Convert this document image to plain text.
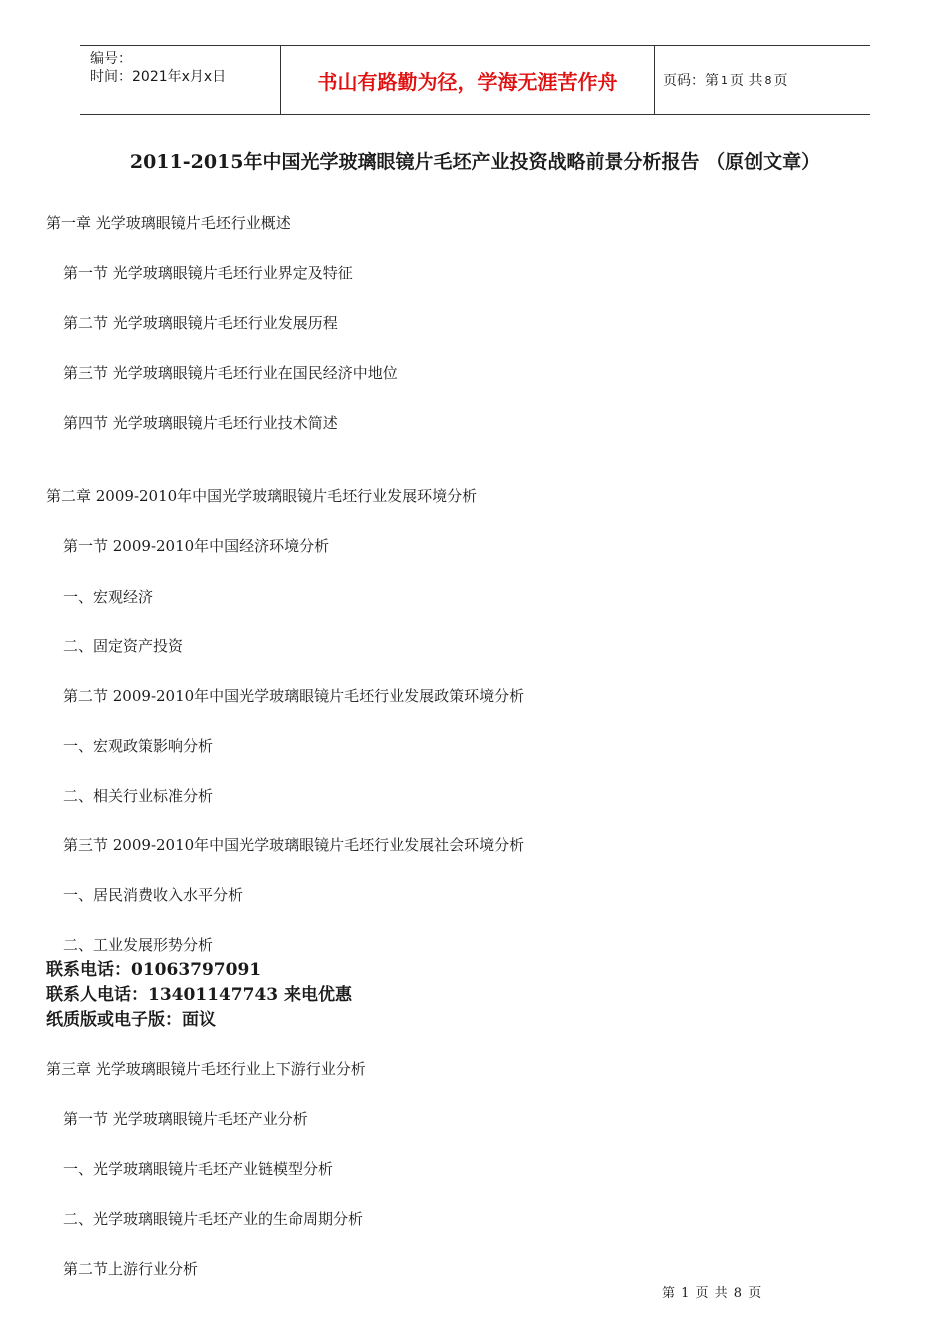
编号：
时间：2021年x月x日	书山有路勤为径，学海无涯苦作舟	页码：第 1 页 共 8 页
2011-2015年中国光学玻璃眼镜片毛坯产业投资战略前景分析报告 （原创文章）
第一章 光学玻璃眼镜片毛坯行业概述
第一节 光学玻璃眼镜片毛坯行业界定及特征
第二节 光学玻璃眼镜片毛坯行业发展历程
第三节 光学玻璃眼镜片毛坯行业在国民经济中地位
第四节 光学玻璃眼镜片毛坯行业技术简述
第二章 2009-2010年中国光学玻璃眼镜片毛坯行业发展环境分析
第一节 2009-2010年中国经济环境分析
一、宏观经济
二、固定资产投资
第二节 2009-2010年中国光学玻璃眼镜片毛坯行业发展政策环境分析
一、宏观政策影响分析
二、相关行业标准分析
第三节 2009-2010年中国光学玻璃眼镜片毛坯行业发展社会环境分析
一、居民消费收入水平分析
二、工业发展形势分析
联系电话：01063797091
联系人电话：13401147743 来电优惠
纸质版或电子版：面议
第三章 光学玻璃眼镜片毛坯行业上下游行业分析
第一节 光学玻璃眼镜片毛坯产业分析
一、光学玻璃眼镜片毛坯产业链模型分析
二、光学玻璃眼镜片毛坯产业的生命周期分析
第二节上游行业分析
第 1 页 共 8 页
